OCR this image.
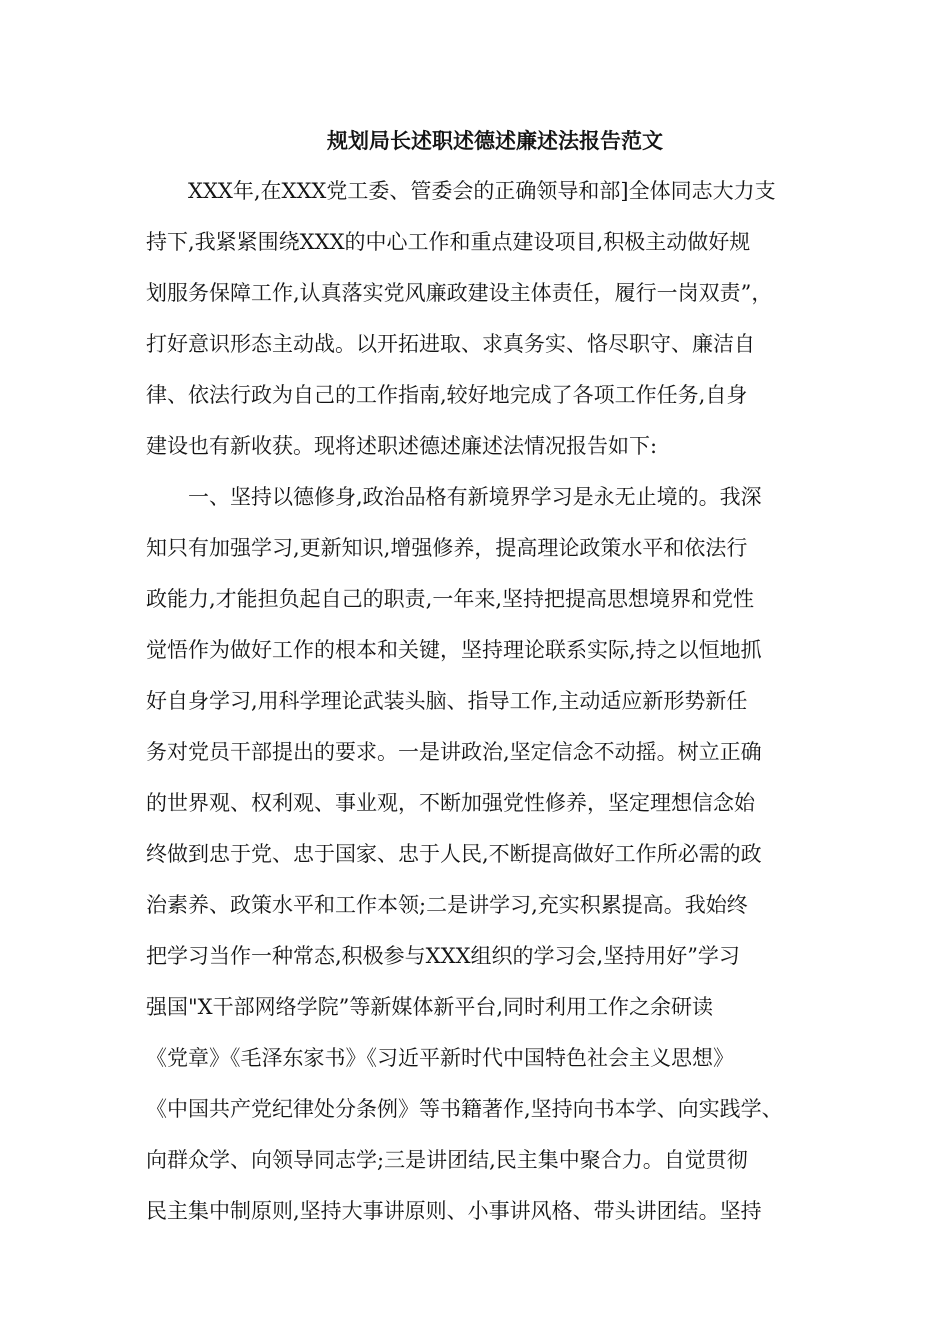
规划局长述职述德述廉述法报告范文
XXX年,在XXX党工委、管委会的正确领导和部]全体同志大力支
持下,我紧紧围绕XXX的中心工作和重点建设项目,积极主动做好规
划服务保障工作,认真落实党风廉政建设主体责任，履行一岗双责”，
打好意识形态主动战。以开拓进取、求真务实、恪尽职守、廉洁自
律、依法行政为自己的工作指南,较好地完成了各项工作任务,自身
建设也有新收获。现将述职述德述廉述法情况报告如下:
一、坚持以德修身,政治品格有新境界学习是永无止境的。我深
知只有加强学习,更新知识,增强修养，提高理论政策水平和依法行
政能力,才能担负起自己的职责,一年来,坚持把提高思想境界和党性
觉悟作为做好工作的根本和关键，坚持理论联系实际,持之以恒地抓
好自身学习,用科学理论武装头脑、指导工作,主动适应新形势新任
务对党员干部提出的要求。一是讲政治,坚定信念不动摇。树立正确
的世界观、权利观、事业观，不断加强党性修养，坚定理想信念始
终做到忠于党、忠于国家、忠于人民,不断提高做好工作所必需的政
治素养、政策水平和工作本领;二是讲学习,充实积累提高。我始终
把学习当作一种常态,积极参与XXX组织的学习会,坚持用好”学习
强国"X干部网络学院”等新媒体新平台,同时利用工作之余研读
《党章》《毛泽东家书》《习近平新时代中国特色社会主义思想》
《中国共产党纪律处分条例》等书籍著作,坚持向书本学、向实践学、
向群众学、向领导同志学;三是讲团结,民主集中聚合力。自觉贯彻
民主集中制原则,坚持大事讲原则、小事讲风格、带头讲团结。坚持
